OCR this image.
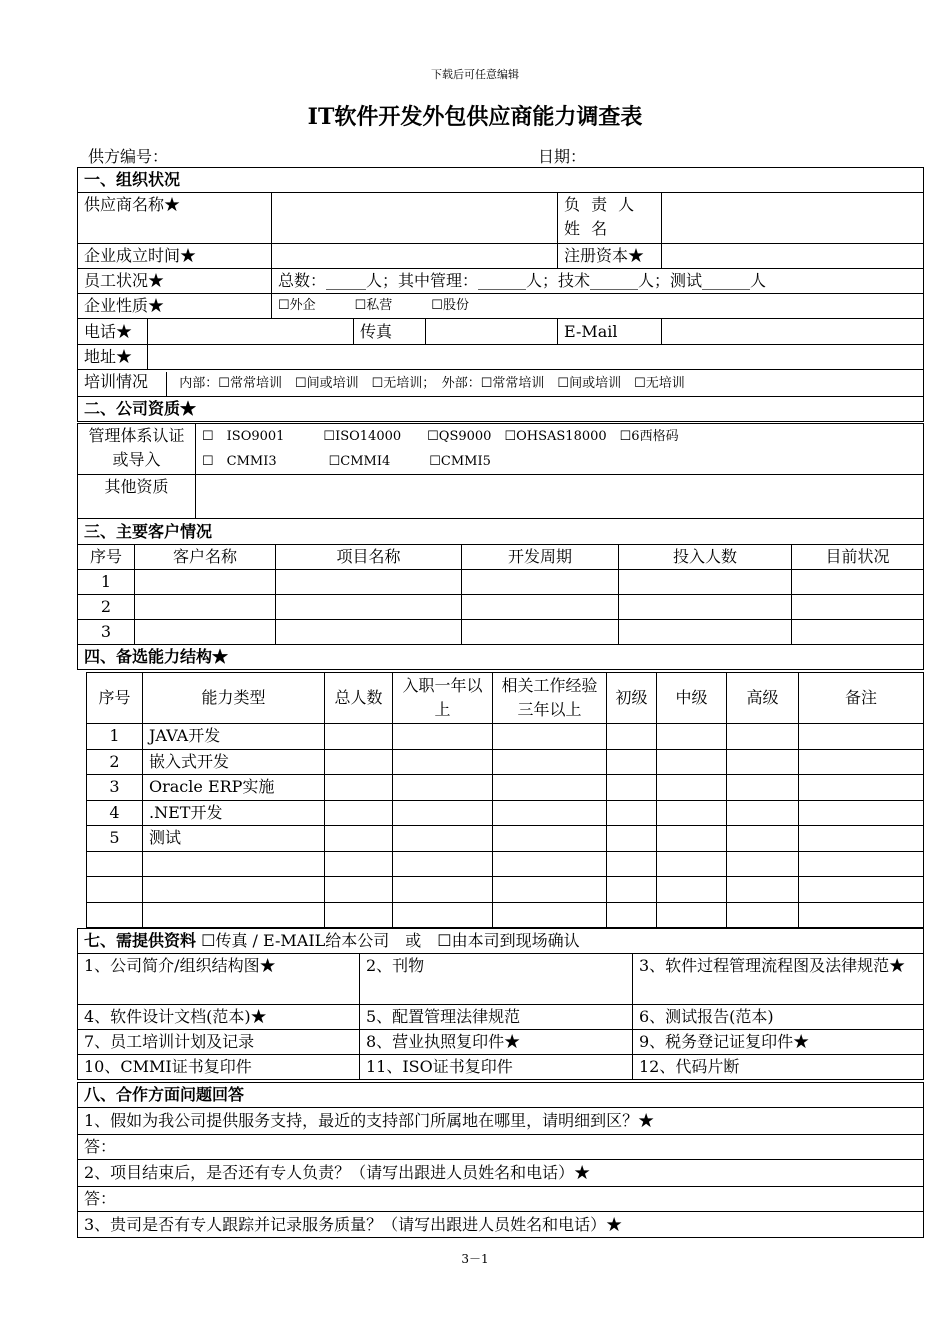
下载后可任意编辑
IT软件开发外包供应商能力调查表
供方编号：	日期：
一、组织状况						
供应商名称★					负 责 人 姓 名	
企业成立时间★					注册资本★	
员工状况★		总数：_____人；其中管理：______人；技术______人；测试______人				
企业性质★		☐外企　　　☐私营　　　☐股份				
电话★			传真		E-Mail	
地址★						
培训情况 内部：☐常常培训　☐间或培训　☐无培训；　外部：☐常常培训　☐间或培训　☐无培训						
二、公司资质★						
管理体系认证或导入	☐　ISO9001　　　☐ISO14000　　☐QS9000　☐OHSAS18000　☐6西格码
☐　CMMI3　　　　☐CMMI4　　　☐CMMI5

其他资质	
三、主要客户情况					
序号	客户名称	项目名称	开发周期	投入人数	目前状况
1					
2					
3					
四、备选能力结构★					
序号	能力类型	总人数	入职一年以上	相关工作经验三年以上	初级	中级	高级	备注
1	JAVA开发							
2	嵌入式开发							
3	Oracle ERP实施							
4	.NET开发							
5	测试							

七、需提供资料 ☐传真 / E-MAIL给本公司　或　☐由本司到现场确认		
1、公司简介/组织结构图★	2、刊物	3、软件过程管理流程图及法律规范★
4、软件设计文档(范本)★	5、配置管理法律规范	6、测试报告(范本)
7、员工培训计划及记录	8、营业执照复印件★	9、税务登记证复印件★
10、CMMI证书复印件	11、ISO证书复印件	12、代码片断
八、合作方面问题回答
1、假如为我公司提供服务支持，最近的支持部门所属地在哪里，请明细到区？★
答：
2、项目结束后，是否还有专人负责？（请写出跟进人员姓名和电话）★
答：
3、贵司是否有专人跟踪并记录服务质量？（请写出跟进人员姓名和电话）★
3－1
